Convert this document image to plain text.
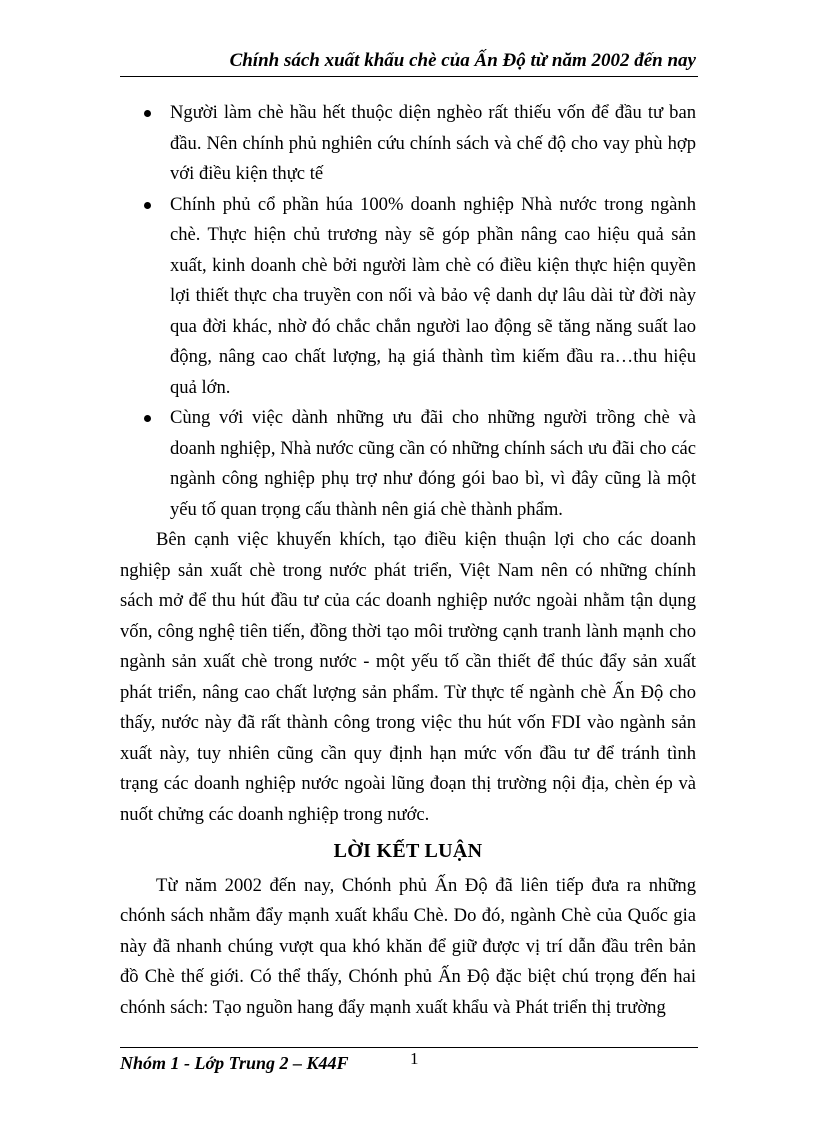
Chính sách xuất khẩu chè của Ấn Độ từ năm 2002 đến nay
Người làm chè hầu hết thuộc diện nghèo rất thiếu vốn để đầu tư ban đầu. Nên chính phủ nghiên cứu chính sách và chế độ cho vay phù hợp với điều kiện thực tế
Chính phủ cổ phần húa 100% doanh nghiệp Nhà nước trong ngành chè. Thực hiện chủ trương này sẽ góp phần nâng cao hiệu quả sản xuất, kinh doanh chè bởi người làm chè có điều kiện thực hiện quyền lợi thiết thực cha truyền con nối và bảo vệ danh dự lâu dài từ đời này qua đời khác, nhờ đó chắc chắn người lao động sẽ tăng năng suất lao động, nâng cao chất lượng, hạ giá thành tìm kiếm đầu ra…thu hiệu quả lớn.
Cùng với việc dành những ưu đãi cho những người trồng chè và doanh nghiệp, Nhà nước cũng cần có những chính sách ưu đãi cho các ngành công nghiệp phụ trợ như đóng gói bao bì, vì đây cũng là một yếu tố quan trọng cấu thành nên giá chè thành phẩm.

Bên cạnh việc khuyến khích, tạo điều kiện thuận lợi cho các doanh nghiệp sản xuất chè trong nước phát triển, Việt Nam nên có những chính sách mở để thu hút đầu tư của các doanh nghiệp nước ngoài nhằm tận dụng vốn, công nghệ tiên tiến, đồng thời tạo môi trường cạnh tranh lành mạnh cho ngành sản xuất chè trong nước - một yếu tố cần thiết để thúc đẩy sản xuất phát triển, nâng cao chất lượng sản phẩm. Từ thực tế ngành chè Ấn Độ cho thấy, nước này đã rất thành công trong việc thu hút vốn FDI vào ngành sản xuất này, tuy nhiên cũng cần quy định hạn mức vốn đầu tư để tránh tình trạng các doanh nghiệp nước ngoài lũng đoạn thị trường nội địa, chèn ép và nuốt chửng các doanh nghiệp trong nước.

LỜI KẾT LUẬN

Từ năm 2002 đến nay, Chónh phủ Ấn Độ đã liên tiếp đưa ra những chónh sách nhằm đẩy mạnh xuất khẩu Chè. Do đó, ngành Chè của Quốc gia này đã nhanh chúng vượt qua khó khăn để giữ được vị trí dẫn đầu trên bản đồ Chè thế giới. Có thể thấy, Chónh phủ Ấn Độ đặc biệt chú trọng đến hai chónh sách: Tạo nguồn hang đẩy mạnh xuất khẩu và Phát triển thị trường

Nhóm 1 - Lớp Trung 2 – K44F	1
